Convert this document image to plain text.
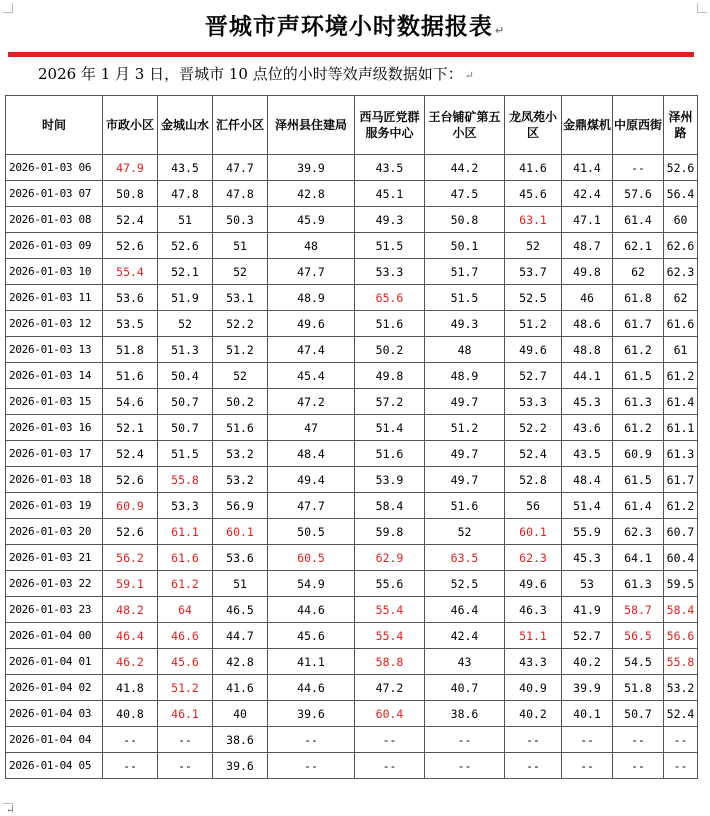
晋城市声环境小时数据报表 ↵
2026 年 1 月 3 日，晋城市 10 点位的小时等效声级数据如下： ↵
时间	市政小区	金城山水	汇仟小区	泽州县住建局	西马匠党群服务中心	王台铺矿第五小区	龙凤苑小区	金鼎煤机	中原西街	泽州路
2026-01-03 06	47.9	43.5	47.7	39.9	43.5	44.2	41.6	41.4	--	52.6
2026-01-03 07	50.8	47.8	47.8	42.8	45.1	47.5	45.6	42.4	57.6	56.4
2026-01-03 08	52.4	51	50.3	45.9	49.3	50.8	63.1	47.1	61.4	60
2026-01-03 09	52.6	52.6	51	48	51.5	50.1	52	48.7	62.1	62.6
2026-01-03 10	55.4	52.1	52	47.7	53.3	51.7	53.7	49.8	62	62.3
2026-01-03 11	53.6	51.9	53.1	48.9	65.6	51.5	52.5	46	61.8	62
2026-01-03 12	53.5	52	52.2	49.6	51.6	49.3	51.2	48.6	61.7	61.6
2026-01-03 13	51.8	51.3	51.2	47.4	50.2	48	49.6	48.8	61.2	61
2026-01-03 14	51.6	50.4	52	45.4	49.8	48.9	52.7	44.1	61.5	61.2
2026-01-03 15	54.6	50.7	50.2	47.2	57.2	49.7	53.3	45.3	61.3	61.4
2026-01-03 16	52.1	50.7	51.6	47	51.4	51.2	52.2	43.6	61.2	61.1
2026-01-03 17	52.4	51.5	53.2	48.4	51.6	49.7	52.4	43.5	60.9	61.3
2026-01-03 18	52.6	55.8	53.2	49.4	53.9	49.7	52.8	48.4	61.5	61.7
2026-01-03 19	60.9	53.3	56.9	47.7	58.4	51.6	56	51.4	61.4	61.2
2026-01-03 20	52.6	61.1	60.1	50.5	59.8	52	60.1	55.9	62.3	60.7
2026-01-03 21	56.2	61.6	53.6	60.5	62.9	63.5	62.3	45.3	64.1	60.4
2026-01-03 22	59.1	61.2	51	54.9	55.6	52.5	49.6	53	61.3	59.5
2026-01-03 23	48.2	64	46.5	44.6	55.4	46.4	46.3	41.9	58.7	58.4
2026-01-04 00	46.4	46.6	44.7	45.6	55.4	42.4	51.1	52.7	56.5	56.6
2026-01-04 01	46.2	45.6	42.8	41.1	58.8	43	43.3	40.2	54.5	55.8
2026-01-04 02	41.8	51.2	41.6	44.6	47.2	40.7	40.9	39.9	51.8	53.2
2026-01-04 03	40.8	46.1	40	39.6	60.4	38.6	40.2	40.1	50.7	52.4
2026-01-04 04	--	--	38.6	--	--	--	--	--	--	--
2026-01-04 05	--	--	39.6	--	--	--	--	--	--	--
↵
